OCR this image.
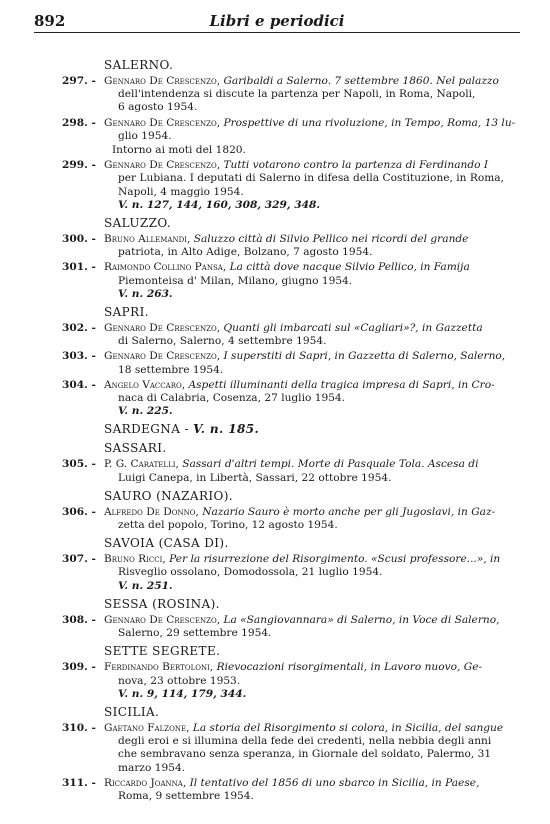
892	Libri e periodici
SALERNO.
297. - Gennaro De Crescenzo, Garibaldi a Salerno. 7 settembre 1860. Nel palazzo
dell'intendenza si discute la partenza per Napoli, in Roma, Napoli,
6 agosto 1954.
298. - Gennaro De Crescenzo, Prospettive di una rivoluzione, in Tempo, Roma, 13 lu-
glio 1954.
Intorno ai moti del 1820.
299. - Gennaro De Crescenzo, Tutti votarono contro la partenza di Ferdinando I
per Lubiana. I deputati di Salerno in difesa della Costituzione, in Roma,
Napoli, 4 maggio 1954.
V. n. 127, 144, 160, 308, 329, 348.
SALUZZO.
300. - Bruno Allemandi, Saluzzo città di Silvio Pellico nei ricordi del grande
patriota, in Alto Adige, Bolzano, 7 agosto 1954.
301. - Raimondo Collino Pansa, La città dove nacque Silvio Pellico, in Famija
Piemonteisa d' Milan, Milano, giugno 1954.
V. n. 263.
SAPRI.
302. - Gennaro De Crescenzo, Quanti gli imbarcati sul «Cagliari»?, in Gazzetta
di Salerno, Salerno, 4 settembre 1954.
303. - Gennaro De Crescenzo, I superstiti di Sapri, in Gazzetta di Salerno, Salerno,
18 settembre 1954.
304. - Angelo Vaccaro, Aspetti illuminanti della tragica impresa di Sapri, in Cro-
naca di Calabria, Cosenza, 27 luglio 1954.
V. n. 225.
SARDEGNA - V. n. 185.
SASSARI.
305. - P. G. Caratelli, Sassari d'altri tempi. Morte di Pasquale Tola. Ascesa di
Luigi Canepa, in Libertà, Sassari, 22 ottobre 1954.
SAURO (NAZARIO).
306. - Alfredo De Donno, Nazario Sauro è morto anche per gli Jugoslavi, in Gaz-
zetta del popolo, Torino, 12 agosto 1954.
SAVOIA (CASA DI).
307. - Bruno Ricci, Per la risurrezione del Risorgimento. «Scusi professore...», in
Risveglio ossolano, Domodossola, 21 luglio 1954.
V. n. 251.
SESSA (ROSINA).
308. - Gennaro De Crescenzo, La «Sangiovannara» di Salerno, in Voce di Salerno,
Salerno, 29 settembre 1954.
SETTE SEGRETE.
309. - Ferdinando Bertoloni, Rievocazioni risorgimentali, in Lavoro nuovo, Ge-
nova, 23 ottobre 1953.
V. n. 9, 114, 179, 344.
SICILIA.
310. - Gaetano Falzone, La storia del Risorgimento si colora, in Sicilia, del sangue
degli eroi e si illumina della fede dei credenti, nella nebbia degli anni
che sembravano senza speranza, in Giornale del soldato, Palermo, 31
marzo 1954.
311. - Riccardo Joanna, Il tentativo del 1856 di uno sbarco in Sicilia, in Paese,
Roma, 9 settembre 1954.
